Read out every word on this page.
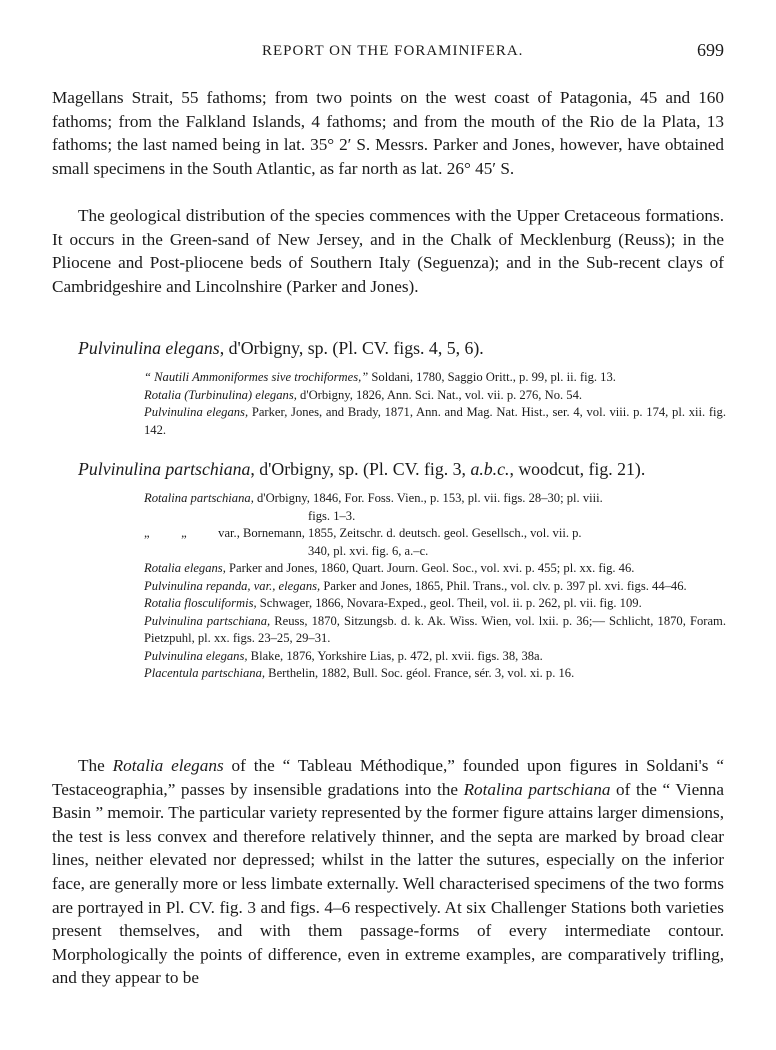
REPORT ON THE FORAMINIFERA.	699

Magellans Strait, 55 fathoms; from two points on the west coast of Patagonia, 45 and 160 fathoms; from the Falkland Islands, 4 fathoms; and from the mouth of the Rio de la Plata, 13 fathoms; the last named being in lat. 35° 2′ S. Messrs. Parker and Jones, however, have obtained small specimens in the South Atlantic, as far north as lat. 26° 45′ S.

The geological distribution of the species commences with the Upper Cretaceous formations. It occurs in the Green-sand of New Jersey, and in the Chalk of Mecklenburg (Reuss); in the Pliocene and Post-pliocene beds of Southern Italy (Seguenza); and in the Sub-recent clays of Cambridgeshire and Lincolnshire (Parker and Jones).

Pulvinulina elegans, d'Orbigny, sp. (Pl. CV. figs. 4, 5, 6).

“ Nautili Ammoniformes sive trochiformes,” Soldani, 1780, Saggio Oritt., p. 99, pl. ii. fig. 13.

Rotalia (Turbinulina) elegans, d'Orbigny, 1826, Ann. Sci. Nat., vol. vii. p. 276, No. 54.

Pulvinulina elegans, Parker, Jones, and Brady, 1871, Ann. and Mag. Nat. Hist., ser. 4, vol. viii. p. 174, pl. xii. fig. 142.

Pulvinulina partschiana, d'Orbigny, sp. (Pl. CV. fig. 3, a.b.c., woodcut, fig. 21).

Rotalina partschiana, d'Orbigny, 1846, For. Foss. Vien., p. 153, pl. vii. figs. 28–30; pl. viii.

figs. 1–3.

„          „          var., Bornemann, 1855, Zeitschr. d. deutsch. geol. Gesellsch., vol. vii. p.

340, pl. xvi. fig. 6, a.–c.

Rotalia elegans, Parker and Jones, 1860, Quart. Journ. Geol. Soc., vol. xvi. p. 455; pl. xx. fig. 46.

Pulvinulina repanda, var., elegans, Parker and Jones, 1865, Phil. Trans., vol. clv. p. 397 pl. xvi. figs. 44–46.

Rotalia flosculiformis, Schwager, 1866, Novara-Exped., geol. Theil, vol. ii. p. 262, pl. vii. fig. 109.

Pulvinulina partschiana, Reuss, 1870, Sitzungsb. d. k. Ak. Wiss. Wien, vol. lxii. p. 36;— Schlicht, 1870, Foram. Pietzpuhl, pl. xx. figs. 23–25, 29–31.

Pulvinulina elegans, Blake, 1876, Yorkshire Lias, p. 472, pl. xvii. figs. 38, 38a.

Placentula partschiana, Berthelin, 1882, Bull. Soc. géol. France, sér. 3, vol. xi. p. 16.

The Rotalia elegans of the “ Tableau Méthodique,” founded upon figures in Soldani's “ Testaceographia,” passes by insensible gradations into the Rotalina partschiana of the “ Vienna Basin ” memoir. The particular variety represented by the former figure attains larger dimensions, the test is less convex and therefore relatively thinner, and the septa are marked by broad clear lines, neither elevated nor depressed; whilst in the latter the sutures, especially on the inferior face, are generally more or less limbate externally. Well characterised specimens of the two forms are portrayed in Pl. CV. fig. 3 and figs. 4–6 respectively. At six Challenger Stations both varieties present themselves, and with them passage-forms of every intermediate contour. Morphologically the points of difference, even in extreme examples, are comparatively trifling, and they appear to be
